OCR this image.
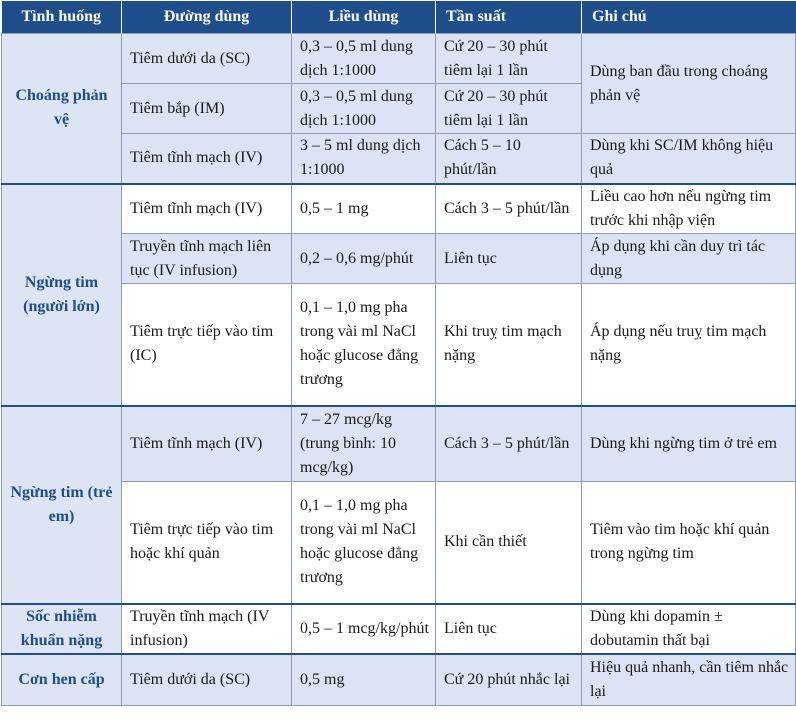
Tình huống	Đường dùng	Liều dùng	Tần suất	Ghi chú
Choáng phản vệ	Tiêm dưới da (SC)	0,3 – 0,5 ml dung dịch 1:1000	Cứ 20 – 30 phút tiêm lại 1 lần	Dùng ban đầu trong choáng phản vệ
	Tiêm bắp (IM)	0,3 – 0,5 ml dung dịch 1:1000	Cứ 20 – 30 phút tiêm lại 1 lần	
	Tiêm tĩnh mạch (IV)	3 – 5 ml dung dịch 1:1000	Cách 5 – 10 phút/lần	Dùng khi SC/IM không hiệu quả
Ngừng tim (người lớn)	Tiêm tĩnh mạch (IV)	0,5 – 1 mg	Cách 3 – 5 phút/lần	Liều cao hơn nếu ngừng tim trước khi nhập viện
	Truyền tĩnh mạch liên tục (IV infusion)	0,2 – 0,6 mg/phút	Liên tục	Áp dụng khi cần duy trì tác dụng
	Tiêm trực tiếp vào tim (IC)	0,1 – 1,0 mg pha trong vài ml NaCl hoặc glucose đẳng trương	Khi truỵ tim mạch nặng	Áp dụng nếu truỵ tim mạch nặng
Ngừng tim (trẻ em)	Tiêm tĩnh mạch (IV)	7 – 27 mcg/kg (trung bình: 10 mcg/kg)	Cách 3 – 5 phút/lần	Dùng khi ngừng tim ở trẻ em
	Tiêm trực tiếp vào tim hoặc khí quản	0,1 – 1,0 mg pha trong vài ml NaCl hoặc glucose đẳng trương	Khi cần thiết	Tiêm vào tim hoặc khí quản trong ngừng tim
Sốc nhiễm khuẩn nặng	Truyền tĩnh mạch (IV infusion)	0,5 – 1 mcg/kg/phút	Liên tục	Dùng khi dopamin ± dobutamin thất bại
Cơn hen cấp	Tiêm dưới da (SC)	0,5 mg	Cứ 20 phút nhắc lại	Hiệu quả nhanh, cần tiêm nhắc lại
